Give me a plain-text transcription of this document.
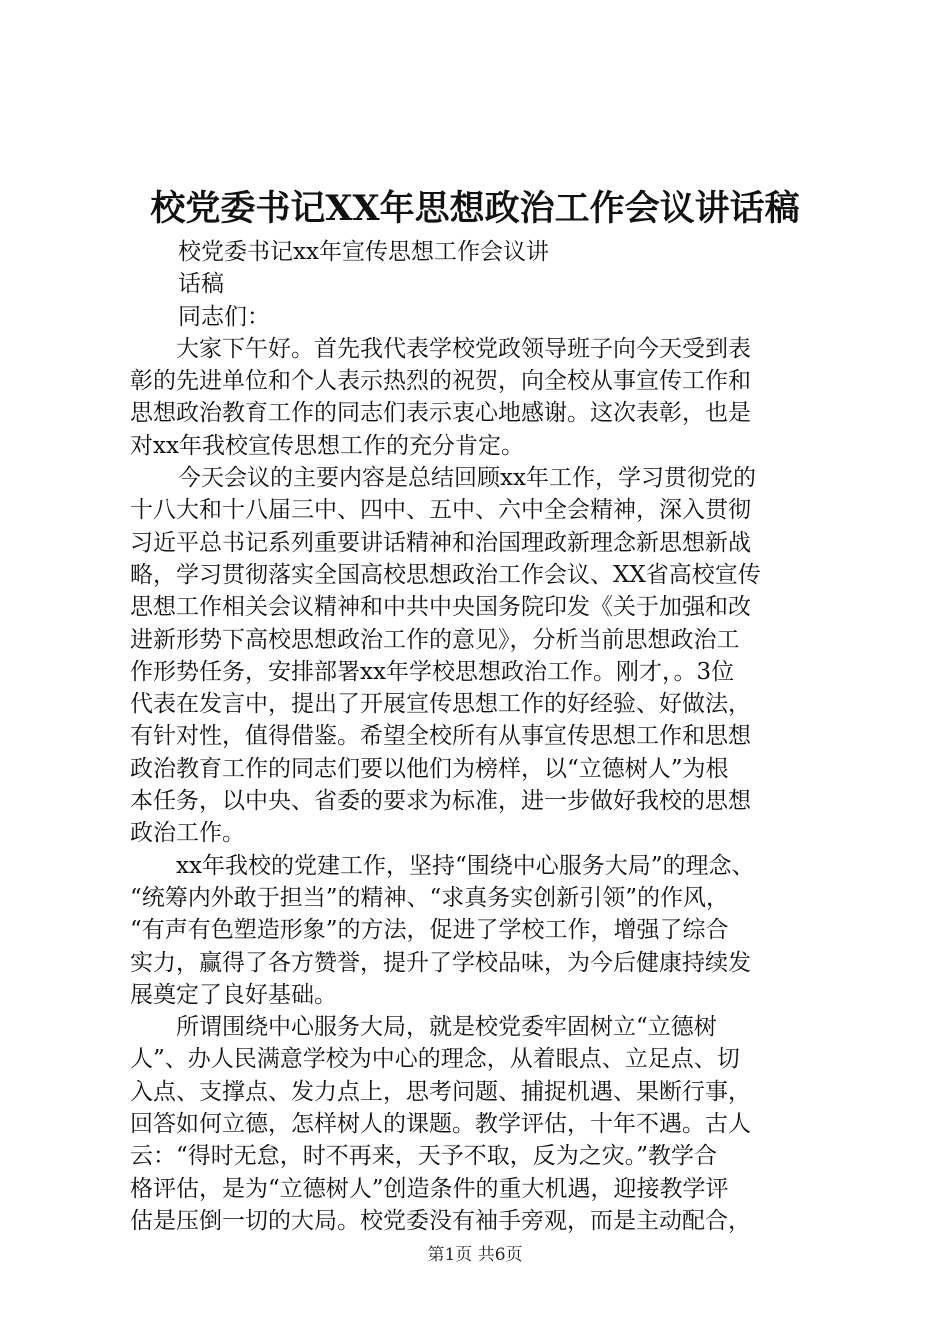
校党委书记XX年思想政治工作会议讲话稿
校党委书记xx年宣传思想工作会议讲
话稿
同志们：
大家下午好。首先我代表学校党政领导班子向今天受到表
彰的先进单位和个人表示热烈的祝贺，向全校从事宣传工作和
思想政治教育工作的同志们表示衷心地感谢。这次表彰，也是
对xx年我校宣传思想工作的充分肯定。
今天会议的主要内容是总结回顾xx年工作，学习贯彻党的
十八大和十八届三中、四中、五中、六中全会精神，深入贯彻
习近平总书记系列重要讲话精神和治国理政新理念新思想新战
略，学习贯彻落实全国高校思想政治工作会议、XX省高校宣传
思想工作相关会议精神和中共中央国务院印发《关于加强和改
进新形势下高校思想政治工作的意见》，分析当前思想政治工
作形势任务，安排部署xx年学校思想政治工作。刚才，。3位
代表在发言中，提出了开展宣传思想工作的好经验、好做法，
有针对性，值得借鉴。希望全校所有从事宣传思想工作和思想
政治教育工作的同志们要以他们为榜样，以“立德树人”为根
本任务，以中央、省委的要求为标准，进一步做好我校的思想
政治工作。
xx年我校的党建工作，坚持“围绕中心服务大局”的理念、
“统筹内外敢于担当”的精神、“求真务实创新引领”的作风，
“有声有色塑造形象”的方法，促进了学校工作，增强了综合
实力，赢得了各方赞誉，提升了学校品味，为今后健康持续发
展奠定了良好基础。
所谓围绕中心服务大局，就是校党委牢固树立“立德树
人”、办人民满意学校为中心的理念，从着眼点、立足点、切
入点、支撑点、发力点上，思考问题、捕捉机遇、果断行事，
回答如何立德，怎样树人的课题。教学评估，十年不遇。古人
云：“得时无怠，时不再来，天予不取，反为之灾。”教学合
格评估，是为“立德树人”创造条件的重大机遇，迎接教学评
估是压倒一切的大局。校党委没有袖手旁观，而是主动配合，
第1页 共6页
